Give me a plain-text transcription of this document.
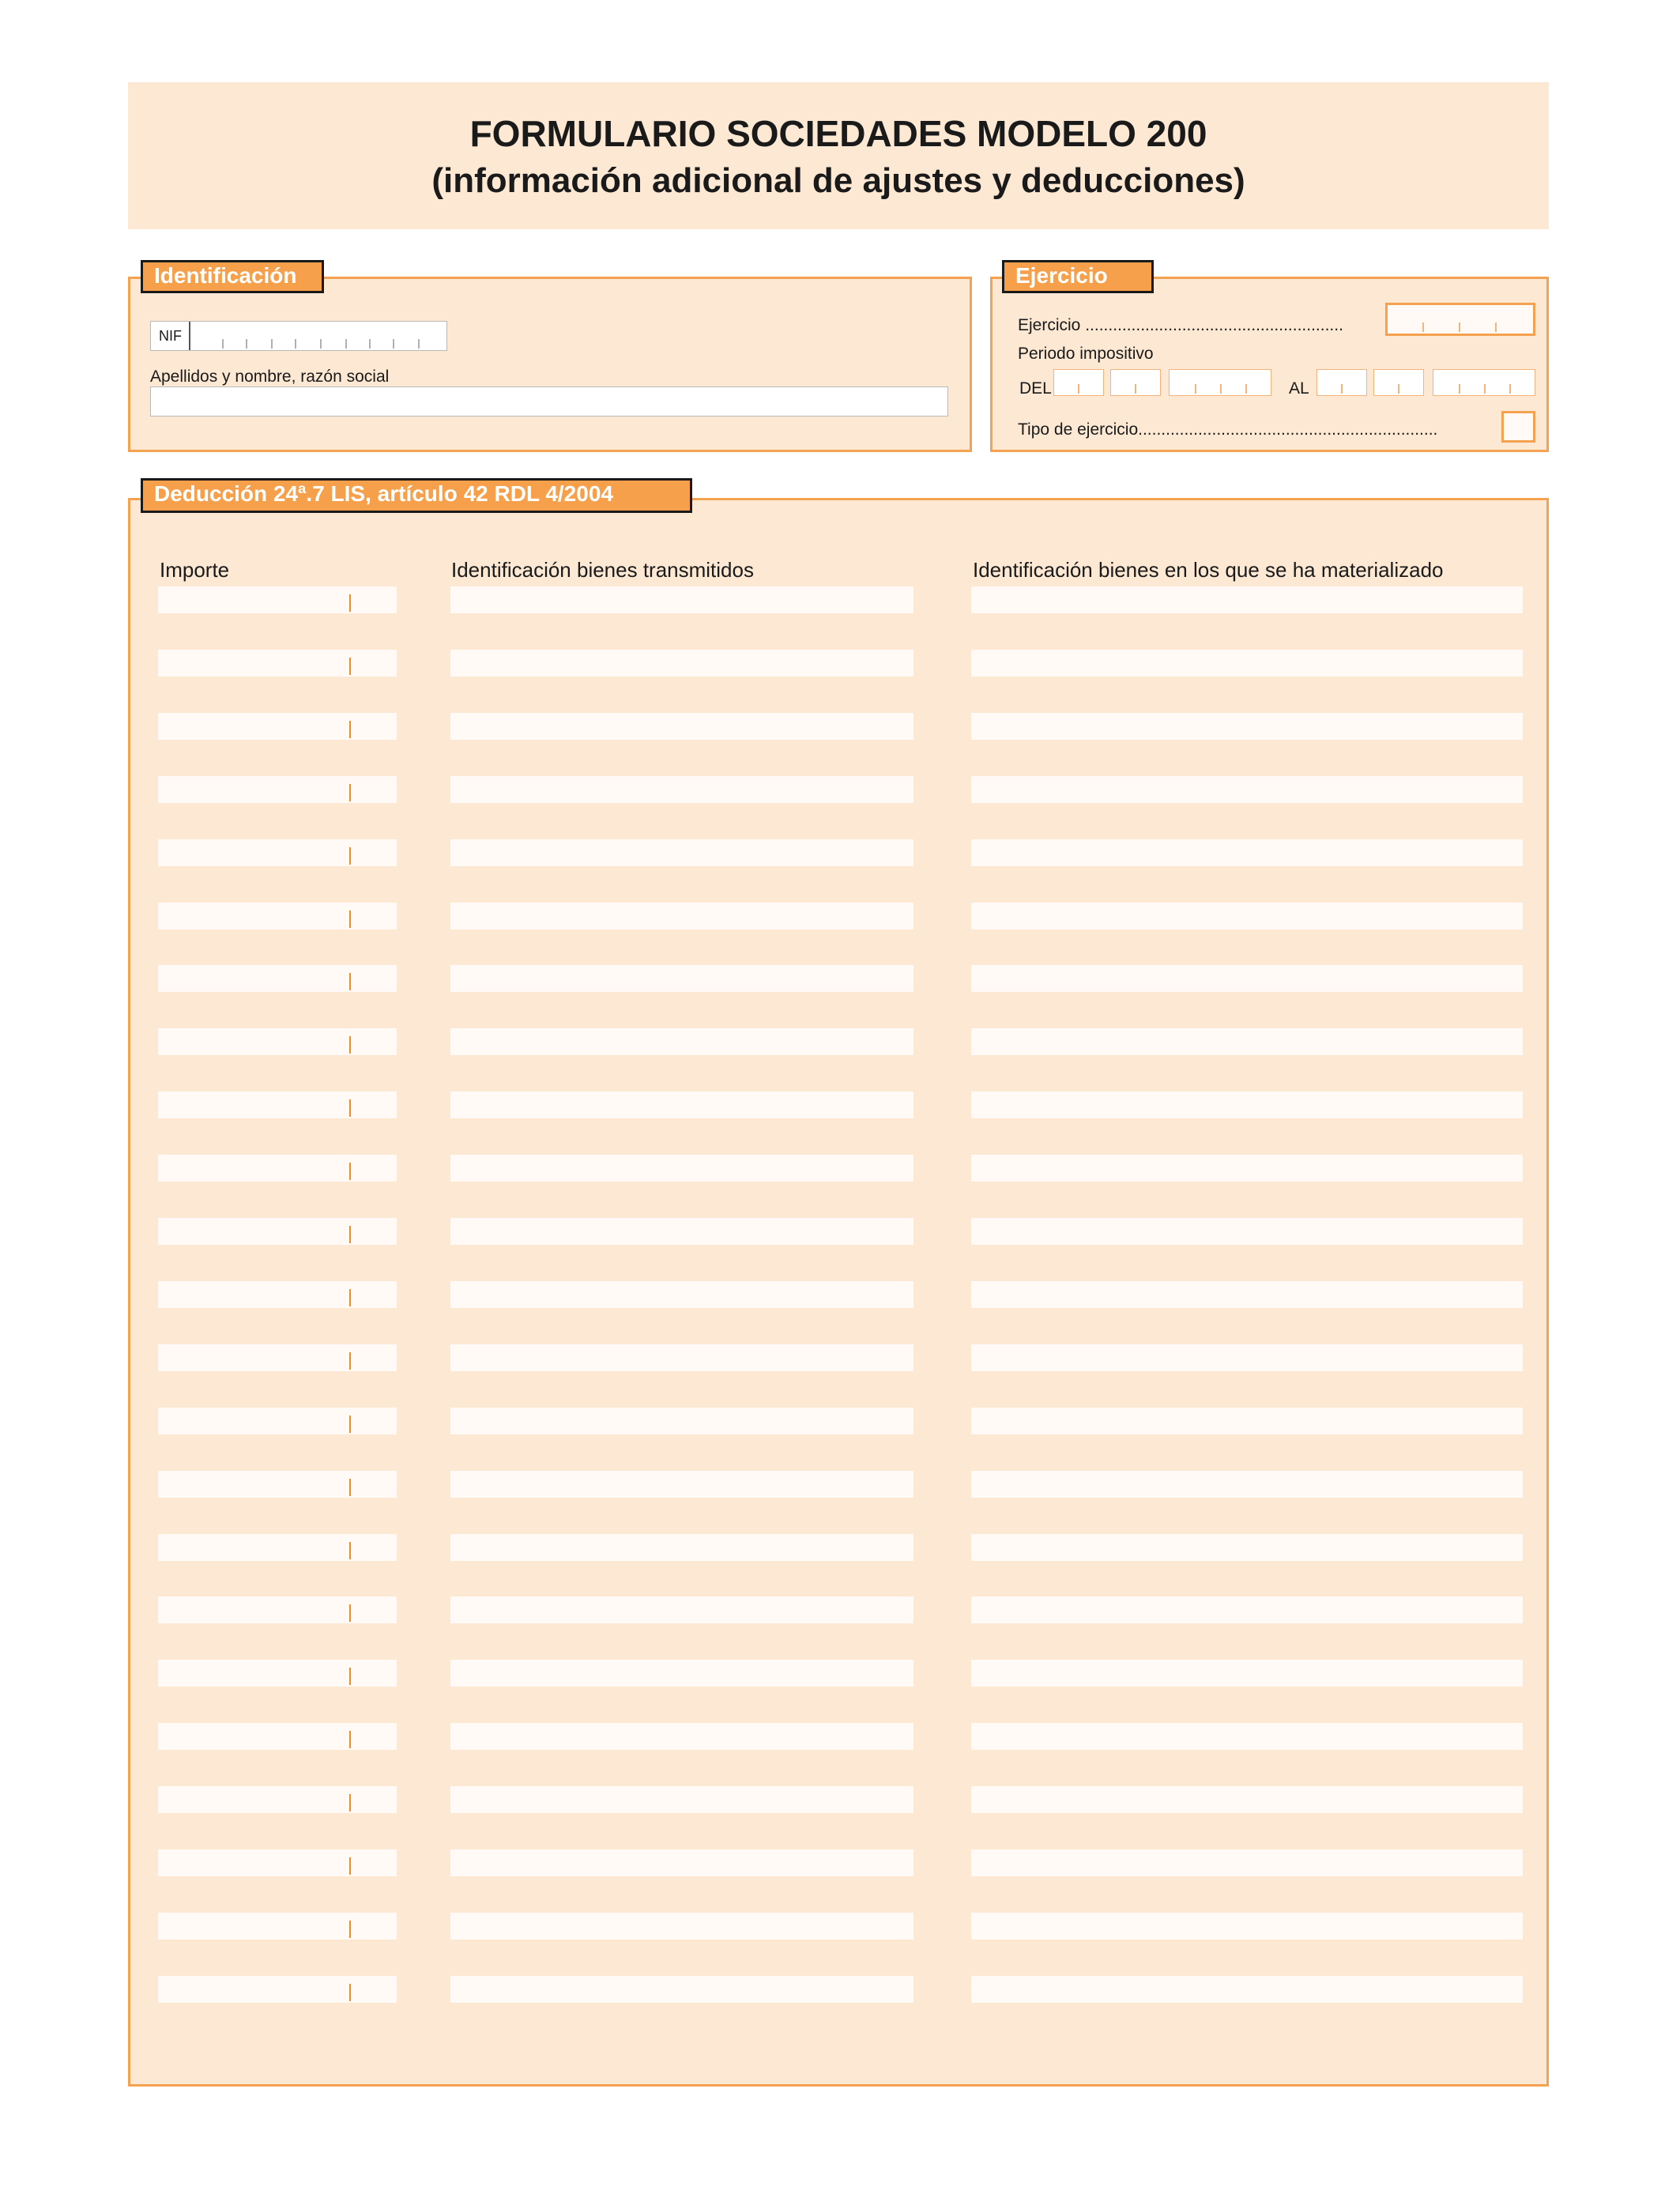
FORMULARIO SOCIEDADES MODELO 200
(información adicional de ajustes y deducciones)
Identificación
NIF
Apellidos y nombre, razón social
Ejercicio
Ejercicio ........................................................
Periodo impositivo
DEL	AL
Tipo de ejercicio.................................................................
Deducción 24ª.7 LIS, artículo 42 RDL 4/2004
Importe	Identificación bienes transmitidos	Identificación bienes en los que se ha materializado
